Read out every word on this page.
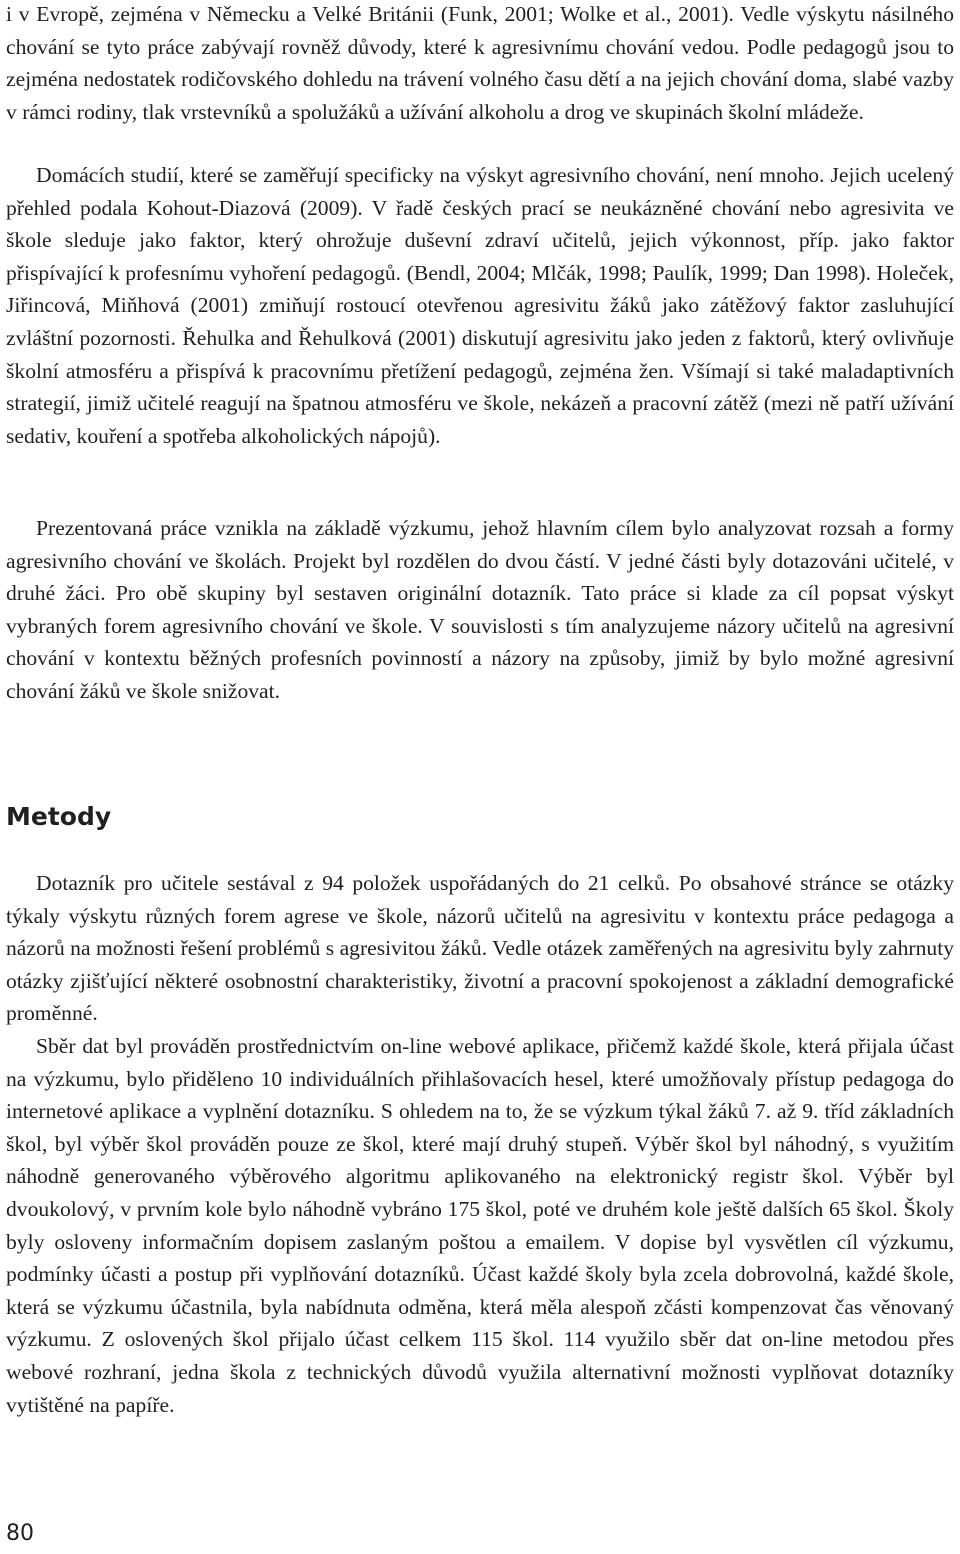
i v Evropě, zejména v Německu a Velké Británii (Funk, 2001; Wolke et al., 2001). Vedle výskytu násilného chování se tyto práce zabývají rovněž důvody, které k agresivnímu chování vedou. Podle pedagogů jsou to zejména nedostatek rodičovského dohledu na trávení volného času dětí a na jejich chování doma, slabé vazby v rámci rodiny, tlak vrstevníků a spolužáků a užívání alkoholu a drog ve skupinách školní mládeže.

Domácích studií, které se zaměřují specificky na výskyt agresivního chování, není mnoho. Jejich ucelený přehled podala Kohout-Diazová (2009). V řadě českých prací se neukázněné chování nebo agresivita ve škole sleduje jako faktor, který ohrožuje duševní zdraví učitelů, jejich výkonnost, příp. jako faktor přispívající k profesnímu vyhoření pedagogů. (Bendl, 2004; Mlčák, 1998; Paulík, 1999; Dan 1998). Holeček, Jiřincová, Miňhová (2001) zmiňují rostoucí otevřenou agresivitu žáků jako zátěžový faktor zasluhující zvláštní pozornosti. Řehulka and Řehulková (2001) diskutují agresivitu jako jeden z faktorů, který ovlivňuje školní atmosféru a přispívá k pracovnímu přetížení pedagogů, zejména žen. Všímají si také maladaptivních strategií, jimiž učitelé reagují na špatnou atmosféru ve škole, nekázeň a pracovní zátěž (mezi ně patří užívání sedativ, kouření a spotřeba alkoholických nápojů).

Prezentovaná práce vznikla na základě výzkumu, jehož hlavním cílem bylo analyzovat rozsah a formy agresivního chování ve školách. Projekt byl rozdělen do dvou částí. V jedné části byly dotazováni učitelé, v druhé žáci. Pro obě skupiny byl sestaven originální dotazník. Tato práce si klade za cíl popsat výskyt vybraných forem agresivního chování ve škole. V souvislosti s tím analyzujeme názory učitelů na agresivní chování v kontextu běžných profesních povinností a názory na způsoby, jimiž by bylo možné agresivní chování žáků ve škole snižovat.

Metody

Dotazník pro učitele sestával z 94 položek uspořádaných do 21 celků. Po obsahové stránce se otázky týkaly výskytu různých forem agrese ve škole, názorů učitelů na agresivitu v kontextu práce pedagoga a názorů na možnosti řešení problémů s agresivitou žáků. Vedle otázek zaměřených na agresivitu byly zahrnuty otázky zjišťující některé osobnostní charakteristiky, životní a pracovní spokojenost a základní demografické proměnné.

Sběr dat byl prováděn prostřednictvím on-line webové aplikace, přičemž každé škole, která přijala účast na výzkumu, bylo přiděleno 10 individuálních přihlašovacích hesel, které umožňovaly přístup pedagoga do internetové aplikace a vyplnění dotazníku. S ohledem na to, že se výzkum týkal žáků 7. až 9. tříd základních škol, byl výběr škol prováděn pouze ze škol, které mají druhý stupeň. Výběr škol byl náhodný, s využitím náhodně generovaného výběrového algoritmu aplikovaného na elektronický registr škol. Výběr byl dvoukolový, v prvním kole bylo náhodně vybráno 175 škol, poté ve druhém kole ještě dalších 65 škol. Školy byly osloveny informačním dopisem zaslaným poštou a emailem. V dopise byl vysvětlen cíl výzkumu, podmínky účasti a postup při vyplňování dotazníků. Účast každé školy byla zcela dobrovolná, každé škole, která se výzkumu účastnila, byla nabídnuta odměna, která měla alespoň zčásti kompenzovat čas věnovaný výzkumu. Z oslovených škol přijalo účast celkem 115 škol. 114 využilo sběr dat on-line metodou přes webové rozhraní, jedna škola z technických důvodů využila alternativní možnosti vyplňovat dotazníky vytištěné na papíře.

80
